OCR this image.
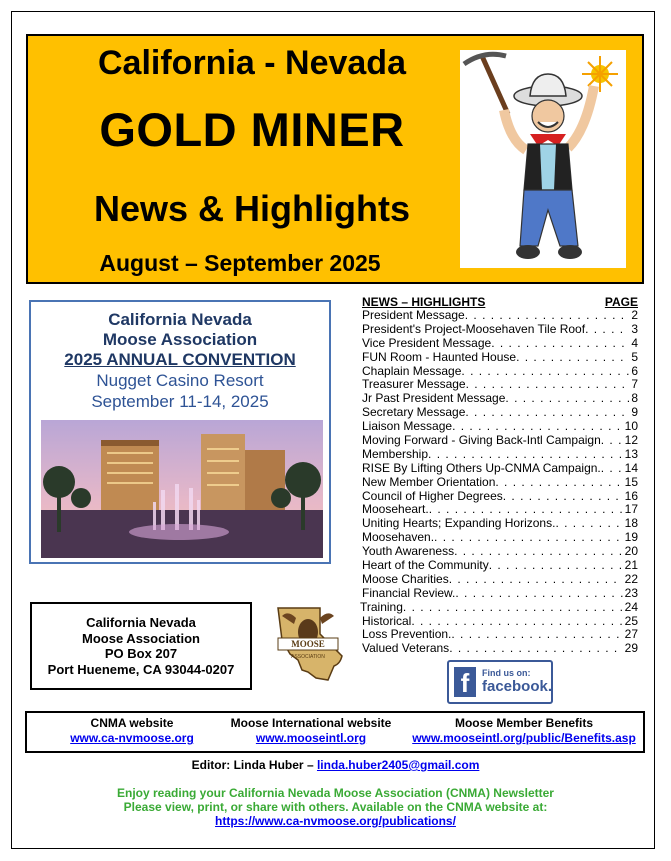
California - Nevada
GOLD MINER
News & Highlights
August – September 2025
California Nevada
Moose Association
2025 ANNUAL CONVENTION
Nugget Casino Resort
September 11-14, 2025
NEWS – HIGHLIGHTS	PAGE
President Message . . .	2
President's Project-Moosehaven Tile Roof . . .	3
Vice President Message . . .	4
FUN Room - Haunted House . . .	5
Chaplain Message . . .	6
Treasurer Message . . .	7
Jr Past President Message . . .	8
Secretary Message . . .	9
Liaison Message . . .	10
Moving Forward - Giving Back-Intl Campaign . . . 12
Membership . . .	13
RISE By Lifting Others Up-CNMA Campaign. . . . 14
New Member Orientation . . .	15
Council of Higher Degrees . . .	16
Mooseheart. . . .	17
Uniting Hearts; Expanding Horizons. . . .	18
Moosehaven. . . .	19
Youth Awareness . . .	20
Heart of the Community . . .	21
Moose Charities . . .	22
Financial Review. . . .	23
Training . . .	24
Historical . . .	25
Loss Prevention. . . .	27
Valued Veterans . . .	29
California Nevada
Moose Association
PO Box 207
Port Hueneme, CA 93044-0207
MOOSE
ASSOCIATION
f	Find us on:
facebook.
CNMA website
www.ca-nvmoose.org
Moose International website
www.mooseintl.org
Moose Member Benefits
www.mooseintl.org/public/Benefits.asp
Editor: Linda Huber – linda.huber2405@gmail.com
Enjoy reading your California Nevada Moose Association (CNMA) Newsletter
Please view, print, or share with others. Available on the CNMA website at:
https://www.ca-nvmoose.org/publications/
